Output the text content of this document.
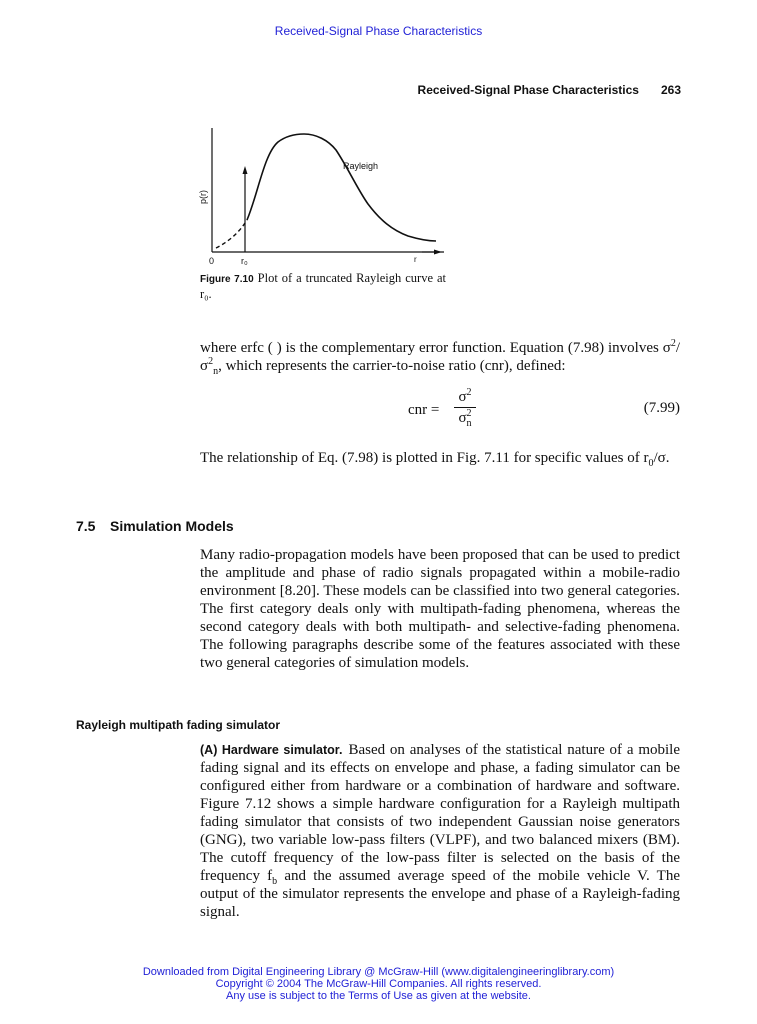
Received-Signal Phase Characteristics
Received-Signal Phase Characteristics 263
p(r)
Rayleigh
0	r₀	r
Figure 7.10 Plot of a truncated Rayleigh curve at r₀.
where erfc ( ) is the complementary error function. Equation (7.98) involves $\sigma^2/\sigma^2_n$, which represents the carrier-to-noise ratio (cnr), defined:
cnr =
$\sigma^2$
$\sigma^2_n$
(7.99)
The relationship of Eq. (7.98) is plotted in Fig. 7.11 for specific values of $r_0/\sigma$.
7.5 Simulation Models
Many radio-propagation models have been proposed that can be used to predict the amplitude and phase of radio signals propagated within a mobile-radio environment [8.20]. These models can be classified into two general categories. The first category deals only with multipath-fading phenomena, whereas the second category deals with both multipath- and selective-fading phenomena. The following paragraphs describe some of the features associated with these two general categories of simulation models.
Rayleigh multipath fading simulator
(A) Hardware simulator. Based on analyses of the statistical nature of a mobile fading signal and its effects on envelope and phase, a fading simulator can be configured either from hardware or a combination of hardware and software. Figure 7.12 shows a simple hardware configuration for a Rayleigh multipath fading simulator that consists of two independent Gaussian noise generators (GNG), two variable low-pass filters (VLPF), and two balanced mixers (BM). The cutoff frequency of the low-pass filter is selected on the basis of the frequency $f_b$ and the assumed average speed of the mobile vehicle V. The output of the simulator represents the envelope and phase of a Rayleigh-fading signal.
Downloaded from Digital Engineering Library @ McGraw-Hill (www.digitalengineeringlibrary.com)
Copyright © 2004 The McGraw-Hill Companies. All rights reserved.
Any use is subject to the Terms of Use as given at the website.
